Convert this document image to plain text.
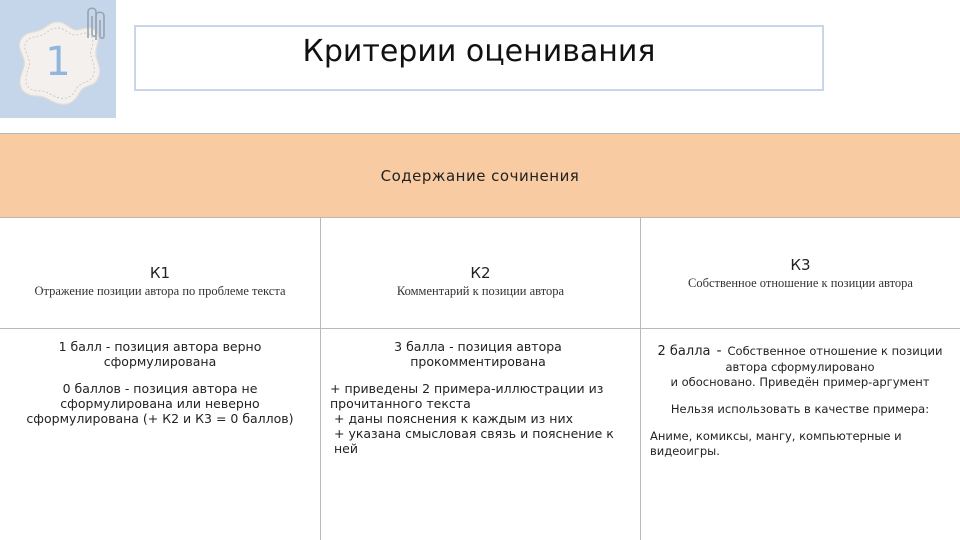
1	Критерии оценивания
Содержание сочинения
К1
Отражение позиции автора по проблеме текста
К2
Комментарий к позиции автора
К3
Собственное отношение к позиции автора

1 балл - позиция автора верно сформулирована

0 баллов - позиция автора не сформулирована или неверно сформулирована (+ К2 и К3 = 0 баллов)

3 балла - позиция автора прокомментирована

+ приведены 2 примера-иллюстрации из прочитанного текста

+ даны пояснения к каждым из них

+ указана смысловая связь и пояснение к ней

2 балла - Собственное отношение к позиции автора сформулировано

и обосновано. Приведён пример-аргумент

Нельзя использовать в качестве примера:

Аниме, комиксы, мангу, компьютерные и видеоигры.
